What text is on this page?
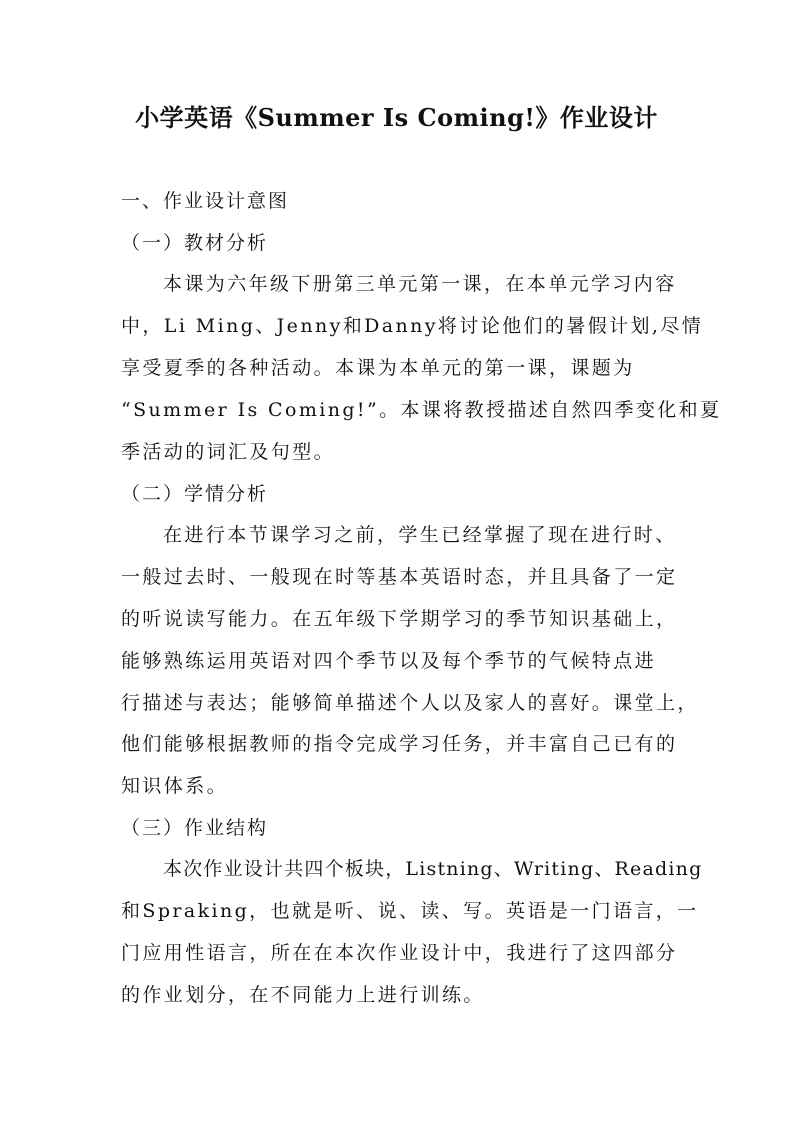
小学英语《Summer Is Coming!》作业设计
一、作业设计意图
（一）教材分析
本课为六年级下册第三单元第一课，在本单元学习内容
中，Li Ming、Jenny和Danny将讨论他们的暑假计划,尽情
享受夏季的各种活动。本课为本单元的第一课，课题为
“Summer Is Coming!”。本课将教授描述自然四季变化和夏
季活动的词汇及句型。
（二）学情分析
在进行本节课学习之前，学生已经掌握了现在进行时、
一般过去时、一般现在时等基本英语时态，并且具备了一定
的听说读写能力。在五年级下学期学习的季节知识基础上，
能够熟练运用英语对四个季节以及每个季节的气候特点进
行描述与表达；能够简单描述个人以及家人的喜好。课堂上，
他们能够根据教师的指令完成学习任务，并丰富自己已有的
知识体系。
（三）作业结构
本次作业设计共四个板块，Listning、Writing、Reading
和Spraking，也就是听、说、读、写。英语是一门语言，一
门应用性语言，所在在本次作业设计中，我进行了这四部分
的作业划分，在不同能力上进行训练。
